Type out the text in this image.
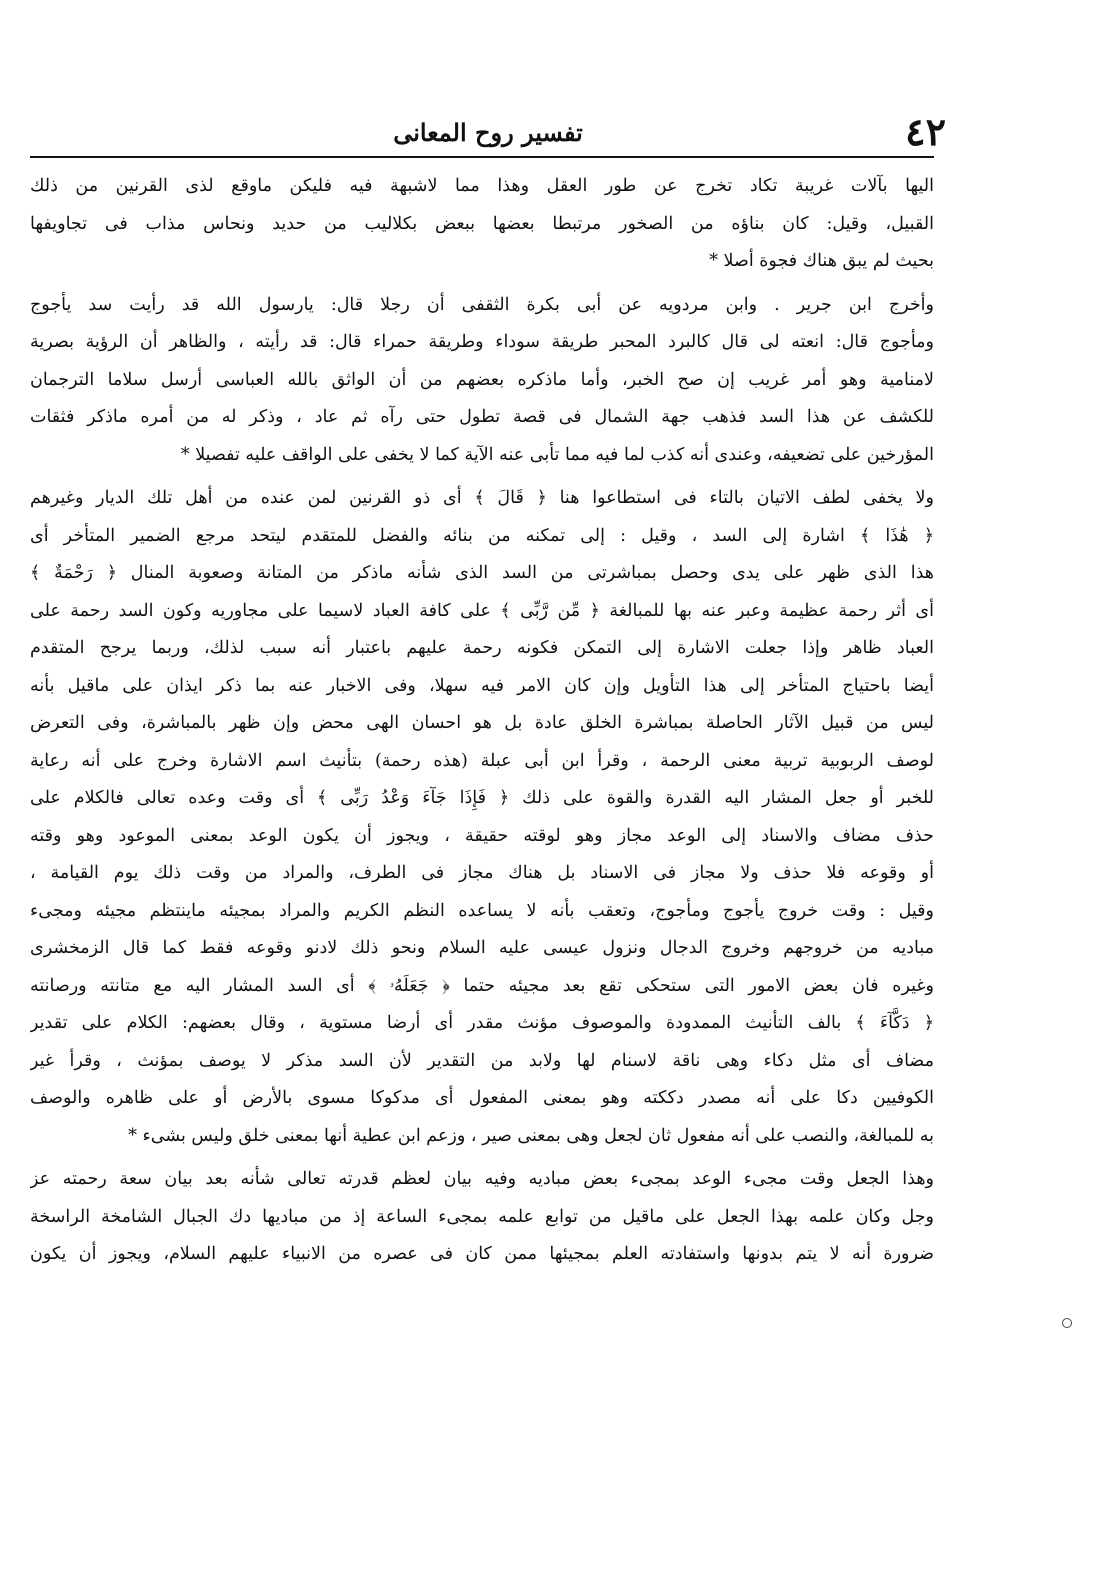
٤٢
تفسير روح المعانى
اليها بآلات غريبة تكاد تخرج عن طور العقل وهذا مما لاشبهة فيه فليكن ماوقع لذى القرنين من ذلك
القبيل، وقيل: كان بناؤه من الصخور مرتبطا بعضها ببعض بكلاليب من حديد ونحاس مذاب فى تجاويفها
بحيث لم يبق هناك فجوة أصلا *
وأخرج ابن جرير . وابن مردويه عن أبى بكرة الثقفى أن رجلا قال: يارسول الله قد رأيت سد يأجوج
ومأجوج قال: انعته لى قال كالبرد المحبر طريقة سوداء وطريقة حمراء قال: قد رأيته ، والظاهر أن الرؤية بصرية
لامنامية وهو أمر غريب إن صح الخبر، وأما ماذكره بعضهم من أن الواثق بالله العباسى أرسل سلاما الترجمان
للكشف عن هذا السد فذهب جهة الشمال فى قصة تطول حتى رآه ثم عاد ، وذكر له من أمره ماذكر فثقات
المؤرخين على تضعيفه، وعندى أنه كذب لما فيه مما تأبى عنه الآية كما لا يخفى على الواقف عليه تفصيلا *
ولا يخفى لطف الاتيان بالتاء فى استطاعوا هنا ﴿ قَالَ ﴾ أى ذو القرنين لمن عنده من أهل تلك الديار وغيرهم
﴿ هَٰذَا ﴾ اشارة إلى السد ، وقيل : إلى تمكنه من بنائه والفضل للمتقدم ليتحد مرجع الضمير المتأخر أى
هذا الذى ظهر على يدى وحصل بمباشرتى من السد الذى شأنه ماذكر من المتانة وصعوبة المنال ﴿ رَحْمَةٌ ﴾
أى أثر رحمة عظيمة وعبر عنه بها للمبالغة ﴿ مِّن رَّبِّى ﴾ على كافة العباد لاسيما على مجاوريه وكون السد رحمة على
العباد ظاهر وإذا جعلت الاشارة إلى التمكن فكونه رحمة عليهم باعتبار أنه سبب لذلك، وربما يرجح المتقدم
أيضا باحتياج المتأخر إلى هذا التأويل وإن كان الامر فيه سهلا، وفى الاخبار عنه بما ذكر ايذان على ماقيل بأنه
ليس من قبيل الآثار الحاصلة بمباشرة الخلق عادة بل هو احسان الهى محض وإن ظهر بالمباشرة، وفى التعرض
لوصف الربوبية تربية معنى الرحمة ، وقرأ ابن أبى عبلة (هذه رحمة) بتأنيث اسم الاشارة وخرج على أنه رعاية
للخبر أو جعل المشار اليه القدرة والقوة على ذلك ﴿ فَإِذَا جَآءَ وَعْدُ رَبِّى ﴾ أى وقت وعده تعالى فالكلام على
حذف مضاف والاسناد إلى الوعد مجاز وهو لوقته حقيقة ، ويجوز أن يكون الوعد بمعنى الموعود وهو وقته
أو وقوعه فلا حذف ولا مجاز فى الاسناد بل هناك مجاز فى الطرف، والمراد من وقت ذلك يوم القيامة ،
وقيل : وقت خروج يأجوج ومأجوج، وتعقب بأنه لا يساعده النظم الكريم والمراد بمجيئه ماينتظم مجيئه ومجىء
مباديه من خروجهم وخروج الدجال ونزول عيسى عليه السلام ونحو ذلك لادنو وقوعه فقط كما قال الزمخشرى
وغيره فان بعض الامور التى ستحكى تقع بعد مجيئه حتما ﴿ جَعَلَهُۥ ﴾ أى السد المشار اليه مع متانته ورصانته
﴿ دَكَّآءَ ﴾ بالف التأنيث الممدودة والموصوف مؤنث مقدر أى أرضا مستوية ، وقال بعضهم: الكلام على تقدير
مضاف أى مثل دكاء وهى ناقة لاسنام لها ولابد من التقدير لأن السد مذكر لا يوصف بمؤنث ، وقرأ غير
الكوفيين دكا على أنه مصدر دككته وهو بمعنى المفعول أى مدكوكا مسوى بالأرض أو على ظاهره والوصف
به للمبالغة، والنصب على أنه مفعول ثان لجعل وهى بمعنى صير ، وزعم ابن عطية أنها بمعنى خلق وليس بشىء *
وهذا الجعل وقت مجىء الوعد بمجىء بعض مباديه وفيه بيان لعظم قدرته تعالى شأنه بعد بيان سعة رحمته عز
وجل وكان علمه بهذا الجعل على ماقيل من توابع علمه بمجىء الساعة إذ من مباديها دك الجبال الشامخة الراسخة
ضرورة أنه لا يتم بدونها واستفادته العلم بمجيئها ممن كان فى عصره من الانبياء عليهم السلام، ويجوز أن يكون
